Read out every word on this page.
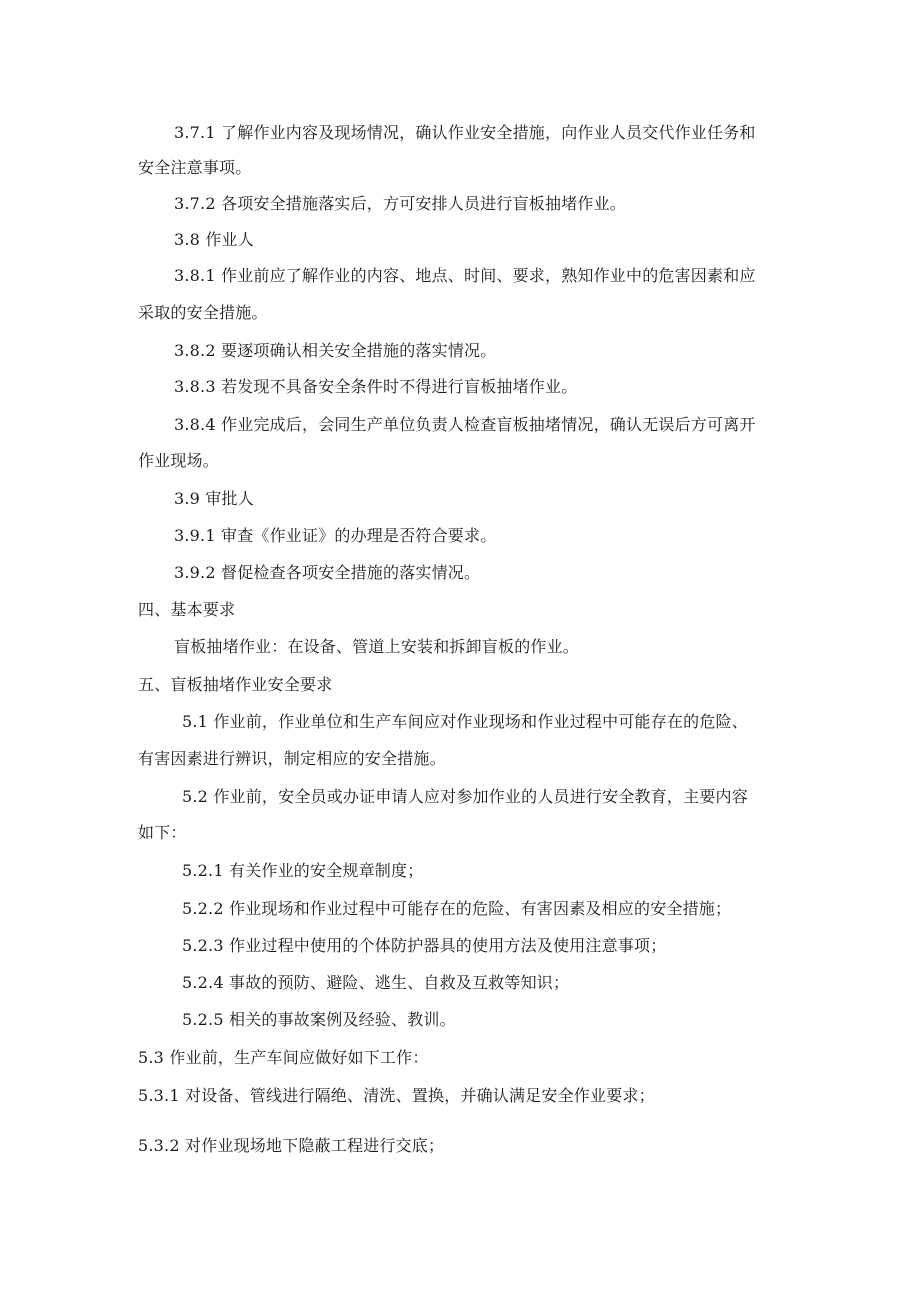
3.7.1 了解作业内容及现场情况，确认作业安全措施，向作业人员交代作业任务和
安全注意事项。
3.7.2 各项安全措施落实后，方可安排人员进行盲板抽堵作业。
3.8 作业人
3.8.1 作业前应了解作业的内容、地点、时间、要求，熟知作业中的危害因素和应
采取的安全措施。
3.8.2 要逐项确认相关安全措施的落实情况。
3.8.3 若发现不具备安全条件时不得进行盲板抽堵作业。
3.8.4 作业完成后，会同生产单位负责人检查盲板抽堵情况，确认无误后方可离开
作业现场。
3.9 审批人
3.9.1 审查《作业证》的办理是否符合要求。
3.9.2 督促检查各项安全措施的落实情况。
四、基本要求
盲板抽堵作业：在设备、管道上安装和拆卸盲板的作业。
五、盲板抽堵作业安全要求
5.1 作业前，作业单位和生产车间应对作业现场和作业过程中可能存在的危险、
有害因素进行辨识，制定相应的安全措施。
5.2 作业前，安全员或办证申请人应对参加作业的人员进行安全教育，主要内容
如下：
5.2.1 有关作业的安全规章制度；
5.2.2 作业现场和作业过程中可能存在的危险、有害因素及相应的安全措施；
5.2.3 作业过程中使用的个体防护器具的使用方法及使用注意事项；
5.2.4 事故的预防、避险、逃生、自救及互救等知识；
5.2.5 相关的事故案例及经验、教训。
5.3 作业前，生产车间应做好如下工作：
5.3.1 对设备、管线进行隔绝、清洗、置换，并确认满足安全作业要求；
5.3.2 对作业现场地下隐蔽工程进行交底；
